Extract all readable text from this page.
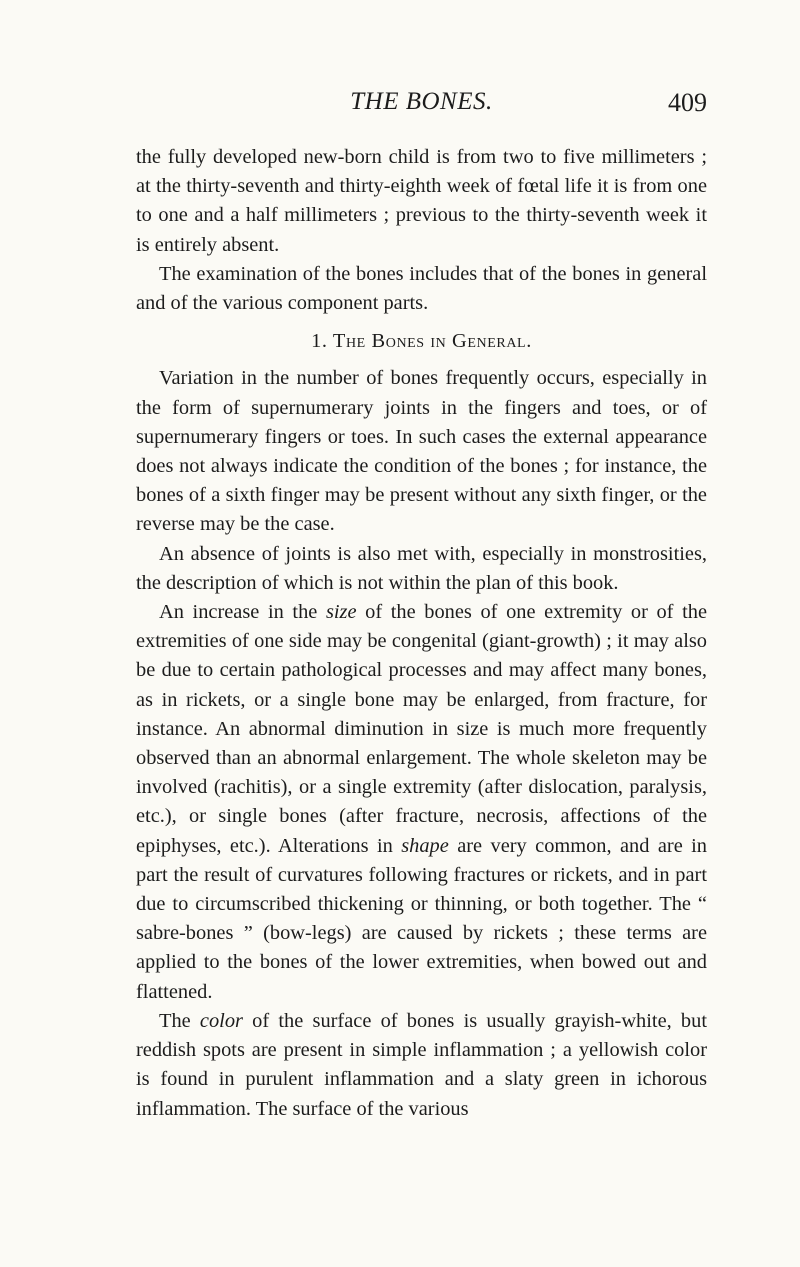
THE BONES.	409

the fully developed new-born child is from two to five millimeters ; at the thirty-seventh and thirty-eighth week of fœtal life it is from one to one and a half millimeters ; previous to the thirty-seventh week it is entirely absent.

The examination of the bones includes that of the bones in general and of the various component parts.

1. The Bones in General.

Variation in the number of bones frequently occurs, especially in the form of supernumerary joints in the fingers and toes, or of supernumerary fingers or toes. In such cases the external appearance does not always indicate the condition of the bones ; for instance, the bones of a sixth finger may be present without any sixth finger, or the reverse may be the case.

An absence of joints is also met with, especially in monstrosities, the description of which is not within the plan of this book.

An increase in the size of the bones of one extremity or of the extremities of one side may be congenital (giant-growth) ; it may also be due to certain pathological processes and may affect many bones, as in rickets, or a single bone may be enlarged, from fracture, for instance. An abnormal diminution in size is much more frequently observed than an abnormal enlargement. The whole skeleton may be involved (rachitis), or a single extremity (after dislocation, paralysis, etc.), or single bones (after fracture, necrosis, affections of the epiphyses, etc.). Alterations in shape are very common, and are in part the result of curvatures following fractures or rickets, and in part due to circumscribed thickening or thinning, or both together. The “ sabre-bones ” (bow-legs) are caused by rickets ; these terms are applied to the bones of the lower extremities, when bowed out and flattened.

The color of the surface of bones is usually grayish-white, but reddish spots are present in simple inflammation ; a yellowish color is found in purulent inflammation and a slaty green in ichorous inflammation. The surface of the various
